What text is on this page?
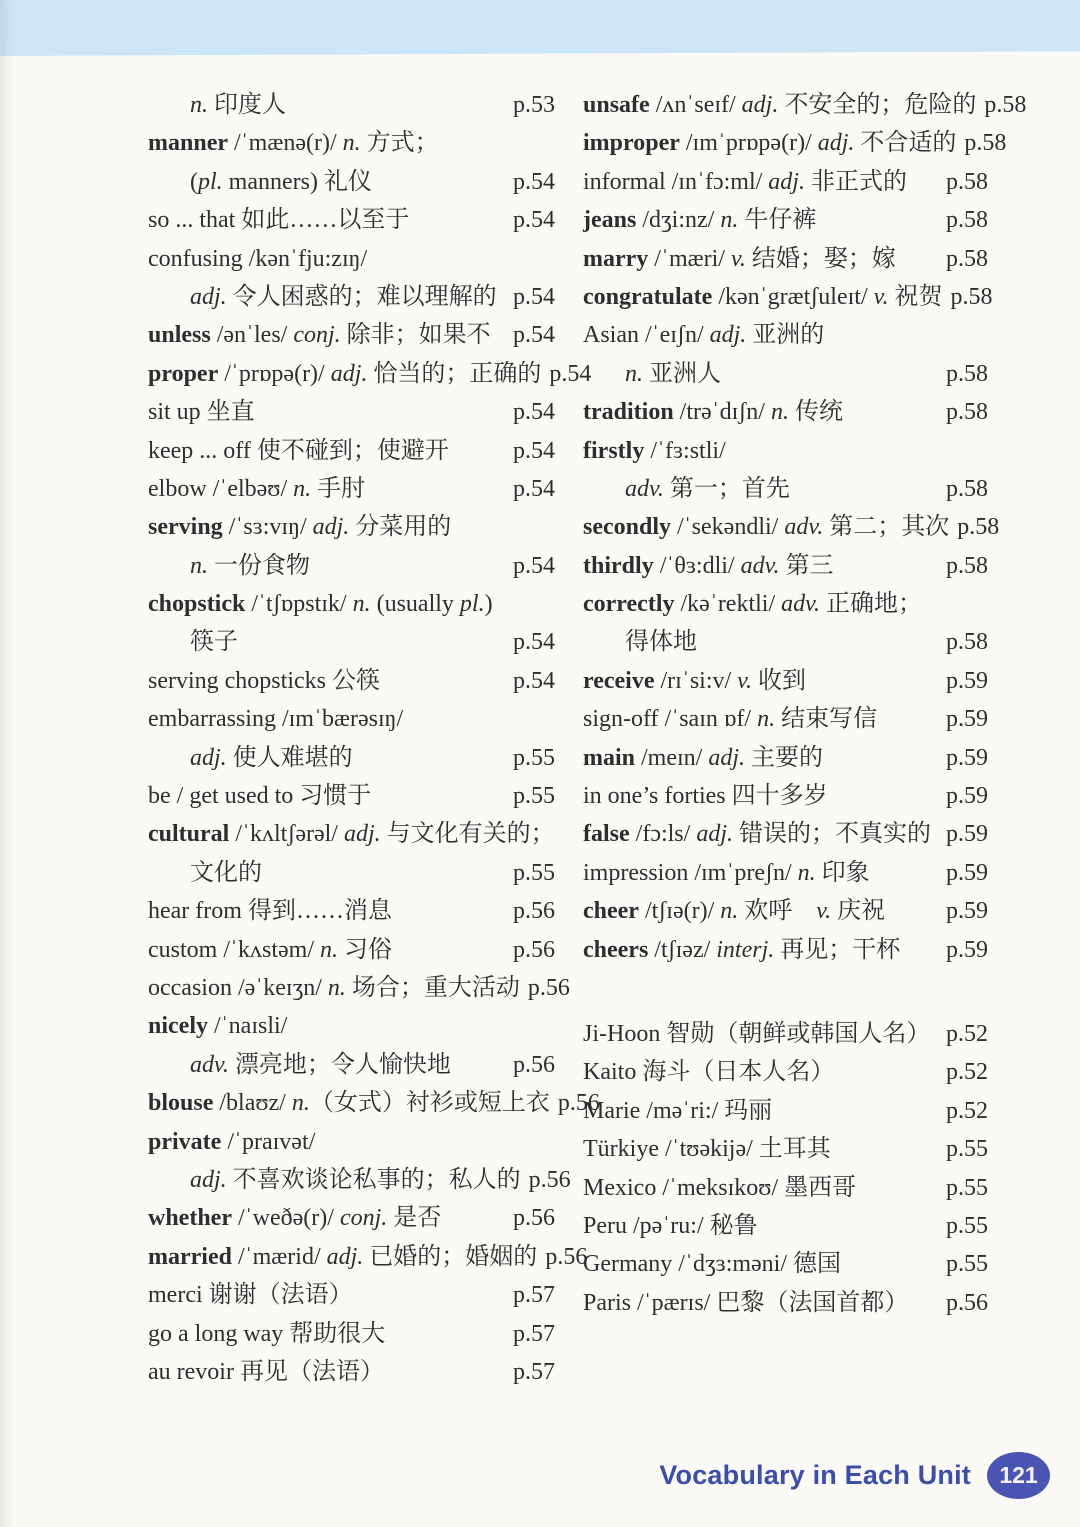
n. 印度人	p.53
manner /ˈmænə(r)/ n. 方式；
(pl. manners) 礼仪	p.54
so ... that 如此……以至于	p.54
confusing /kənˈfju:zɪŋ/
adj. 令人困惑的；难以理解的 p.54
unless /ənˈles/ conj. 除非；如果不 p.54
proper /ˈprɒpə(r)/ adj. 恰当的；正确的 p.54
sit up 坐直	p.54
keep ... off 使不碰到；使避开	p.54
elbow /ˈelbəʊ/ n. 手肘	p.54
serving /ˈsɜ:vɪŋ/ adj. 分菜用的
n. 一份食物	p.54
chopstick /ˈtʃɒpstɪk/ n. (usually pl.)
筷子	p.54
serving chopsticks 公筷	p.54
embarrassing /ɪmˈbærəsɪŋ/
adj. 使人难堪的	p.55
be / get used to 习惯于	p.55
cultural /ˈkʌltʃərəl/ adj. 与文化有关的；
文化的	p.55
hear from 得到……消息	p.56
custom /ˈkʌstəm/ n. 习俗	p.56
occasion /əˈkeɪʒn/ n. 场合；重大活动 p.56
nicely /ˈnaɪsli/
adv. 漂亮地；令人愉快地	p.56
blouse /blaʊz/ n.（女式）衬衫或短上衣 p.56
private /ˈpraɪvət/
adj. 不喜欢谈论私事的；私人的 p.56
whether /ˈweðə(r)/ conj. 是否	p.56
married /ˈmærid/ adj. 已婚的；婚姻的 p.56
merci 谢谢（法语）	p.57
go a long way 帮助很大	p.57
au revoir 再见（法语）	p.57
unsafe /ʌnˈseɪf/ adj. 不安全的；危险的 p.58
improper /ɪmˈprɒpə(r)/ adj. 不合适的 p.58
informal /ɪnˈfɔ:ml/ adj. 非正式的 p.58
jeans /dʒi:nz/ n. 牛仔裤	p.58
marry /ˈmæri/ v. 结婚；娶；嫁 p.58
congratulate /kənˈgrætʃuleɪt/ v. 祝贺 p.58
Asian /ˈeɪʃn/ adj. 亚洲的
n. 亚洲人	p.58
tradition /trəˈdɪʃn/ n. 传统	p.58
firstly /ˈfɜ:stli/
adv. 第一；首先	p.58
secondly /ˈsekəndli/ adv. 第二；其次 p.58
thirdly /ˈθɜ:dli/ adv. 第三	p.58
correctly /kəˈrektli/ adv. 正确地；
得体地	p.58
receive /rɪˈsi:v/ v. 收到	p.59
sign-off /ˈsaɪn ɒf/ n. 结束写信	p.59
main /meɪn/ adj. 主要的	p.59
in one’s forties 四十多岁	p.59
false /fɔ:ls/ adj. 错误的；不真实的 p.59
impression /ɪmˈpreʃn/ n. 印象	p.59
cheer /tʃɪə(r)/ n. 欢呼　v. 庆祝	p.59
cheers /tʃɪəz/ interj. 再见；干杯 p.59
Ji-Hoon 智勋（朝鲜或韩国人名） p.52
Kaito 海斗（日本人名）	p.52
Marie /məˈri:/ 玛丽	p.52
Türkiye /ˈtʊəkijə/ 土耳其	p.55
Mexico /ˈmeksɪkoʊ/ 墨西哥	p.55
Peru /pəˈru:/ 秘鲁	p.55
Germany /ˈdʒɜ:məni/ 德国	p.55
Paris /ˈpærɪs/ 巴黎（法国首都） p.56
Vocabulary in Each Unit	121
